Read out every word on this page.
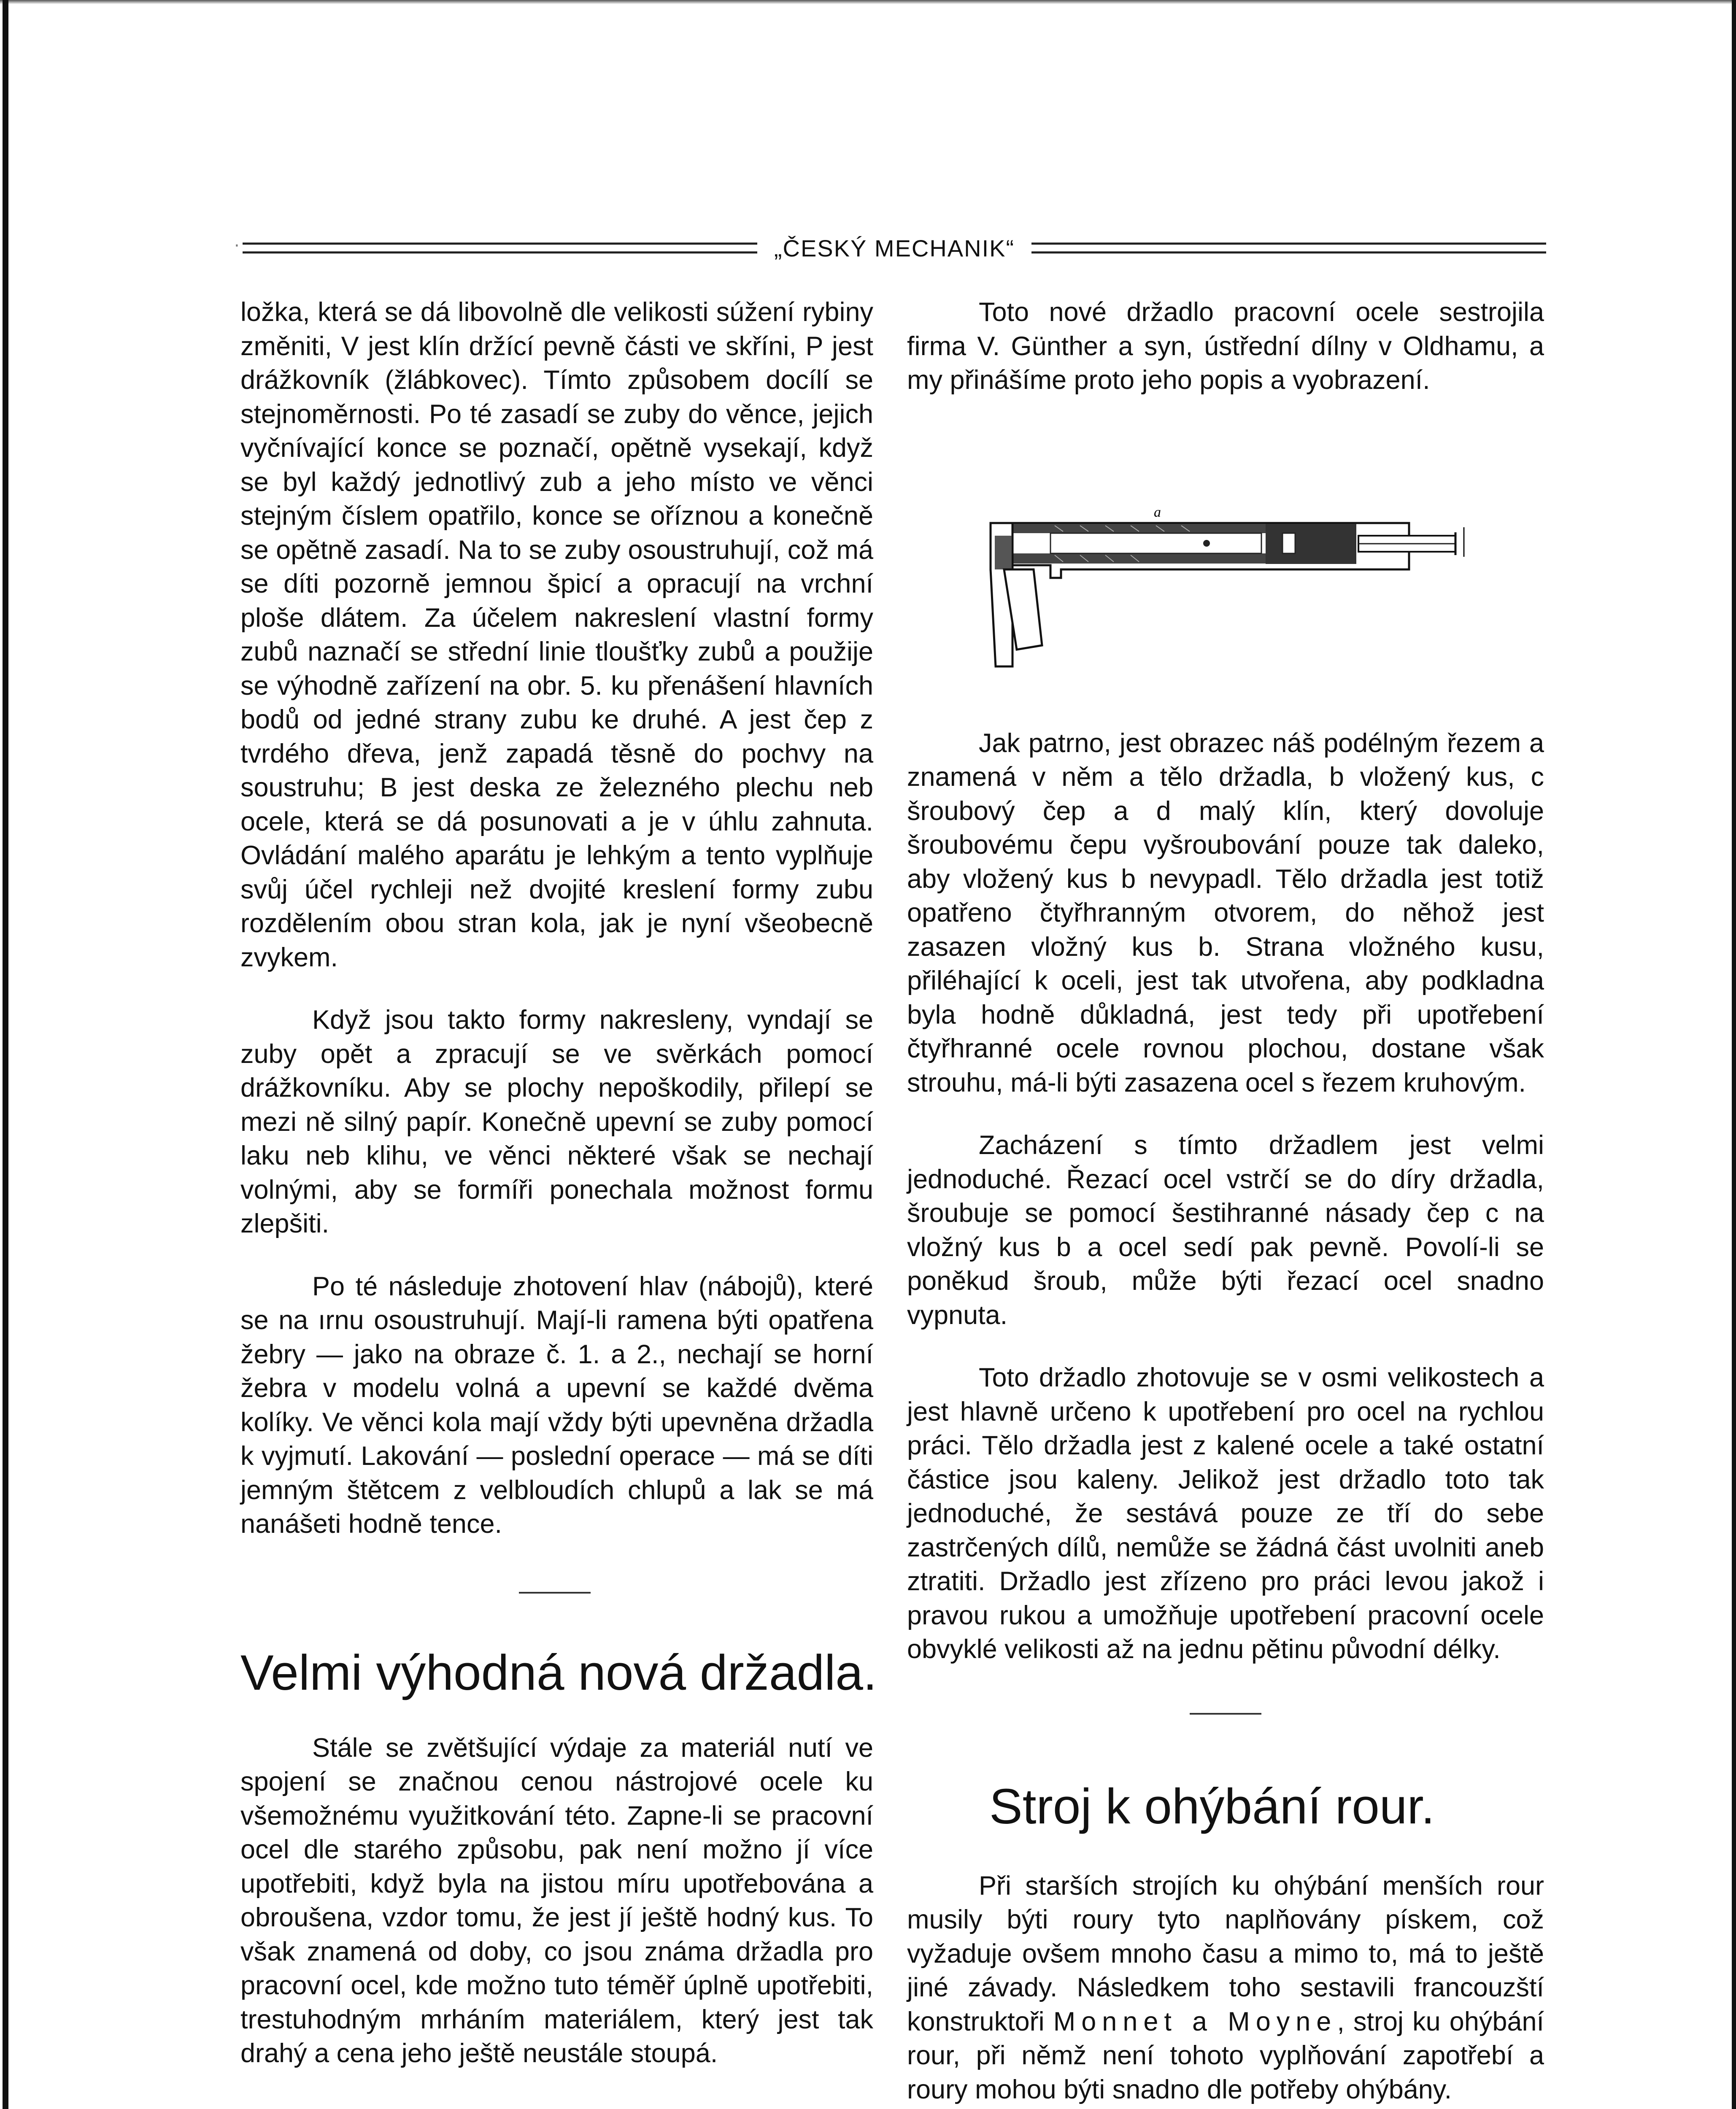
·	„ČESKÝ MECHANIK“

ložka, která se dá libovolně dle velikosti súžení rybiny změniti, V jest klín držící pevně části ve skříni, P jest drážkovník (žlábkovec). Tímto způsobem docílí se stejnoměrnosti. Po té zasadí se zuby do věnce, jejich vyčnívající konce se poznačí, opětně vysekají, když se byl každý jednotlivý zub a jeho místo ve věnci stejným číslem opatřilo, konce se oříznou a konečně se opětně zasadí. Na to se zuby osoustruhují, což má se díti pozorně jemnou špicí a opracují na vrchní ploše dlátem. Za účelem nakreslení vlastní formy zubů naznačí se střední linie tloušťky zubů a použije se výhodně zařízení na obr. 5. ku přenášení hlavních bodů od jedné strany zubu ke druhé. A jest čep z tvrdého dřeva, jenž zapadá těsně do pochvy na soustruhu; B jest deska ze železného plechu neb ocele, která se dá posunovati a je v úhlu zahnuta. Ovládání malého aparátu je lehkým a tento vyplňuje svůj účel rychleji než dvojité kreslení formy zubu rozdělením obou stran kola, jak je nyní všeobecně zvykem.

Když jsou takto formy nakresleny, vyndají se zuby opět a zpracují se ve svěrkách pomocí drážkovníku. Aby se plochy nepoškodily, přilepí se mezi ně silný papír. Konečně upevní se zuby pomocí laku neb klihu, ve věnci některé však se nechají volnými, aby se formíři ponechala možnost formu zlepšiti.

Po té následuje zhotovení hlav (nábojů), které se na ırnu osoustruhují. Mají-li ramena býti opatřena žebry — jako na obraze č. 1. a 2., nechají se horní žebra v modelu volná a upevní se každé dvěma kolíky. Ve věnci kola mají vždy býti upevněna držadla k vyjmutí. Lakování — poslední operace — má se díti jemným štětcem z velbloudích chlupů a lak se má nanášeti hodně tence.

Velmi výhodná nová držadla.

Stále se zvětšující výdaje za materiál nutí ve spojení se značnou cenou nástrojové ocele ku všemožnému využitkování této. Zapne-li se pracovní ocel dle starého způsobu, pak není možno jí více upotřebiti, když byla na jistou míru upotřebována a obroušena, vzdor tomu, že jest jí ještě hodný kus. To však znamená od doby, co jsou známa držadla pro pracovní ocel, kde možno tuto téměř úplně upotřebiti, trestuhodným mrháním materiálem, který jest tak drahý a cena jeho ještě neustále stoupá.

Toto nové držadlo pracovní ocele sestrojila firma V. Günther a syn, ústřední dílny v Oldhamu, a my přinášíme proto jeho popis a vyobrazení.

Jak patrno, jest obrazec náš podélným řezem a znamená v něm a tělo držadla, b vložený kus, c šroubový čep a d malý klín, který dovoluje šroubovému čepu vyšroubování pouze tak daleko, aby vložený kus b nevypadl. Tělo držadla jest totiž opatřeno čtyřhranným otvorem, do něhož jest zasazen vložný kus b. Strana vložného kusu, přiléhající k oceli, jest tak utvořena, aby podkladna byla hodně důkladná, jest tedy při upotřebení čtyřhranné ocele rovnou plochou, dostane však strouhu, má-li býti zasazena ocel s řezem kruhovým.

Zacházení s tímto držadlem jest velmi jednoduché. Řezací ocel vstrčí se do díry držadla, šroubuje se pomocí šestihranné násady čep c na vložný kus b a ocel sedí pak pevně. Povolí-li se poněkud šroub, může býti řezací ocel snadno vypnuta.

Toto držadlo zhotovuje se v osmi velikostech a jest hlavně určeno k upotřebení pro ocel na rychlou práci. Tělo držadla jest z kalené ocele a také ostatní částice jsou kaleny. Jelikož jest držadlo toto tak jednoduché, že sestává pouze ze tří do sebe zastrčených dílů, nemůže se žádná část uvolniti aneb ztratiti. Držadlo jest zřízeno pro práci levou jakož i pravou rukou a umožňuje upotřebení pracovní ocele obvyklé velikosti až na jednu pětinu původní délky.

Stroj k ohýbání rour.

Při starších strojích ku ohýbání menších rour musily býti roury tyto naplňovány pískem, což vyžaduje ovšem mnoho času a mimo to, má to ještě jiné závady. Následkem toho sestavili francouzští konstruktoři Monnet a Moyne, stroj ku ohýbání rour, při němž není tohoto vyplňování zapotřebí a roury mohou býti snadno dle potřeby ohýbány.

a
